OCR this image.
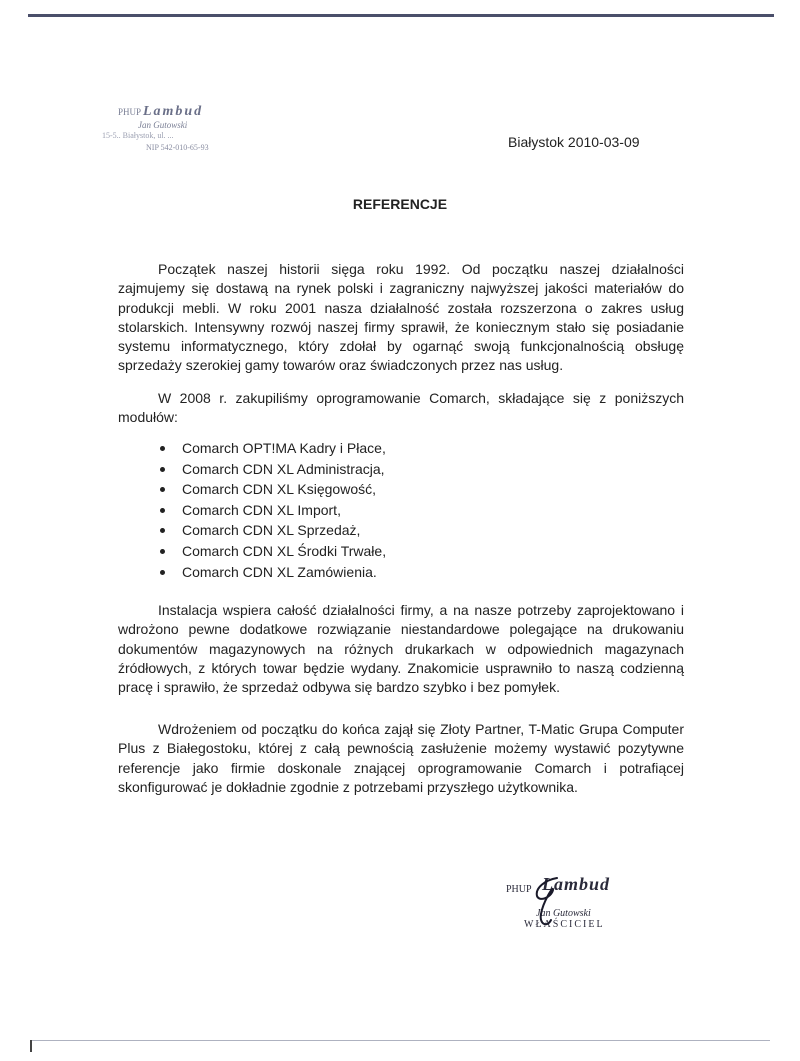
PHUP Lambud
Jan Gutowski
15-5.. Białystok, ul. ...
NIP 542-010-65-93	Białystok 2010-03-09
REFERENCJE
Początek naszej historii sięga roku 1992. Od początku naszej działalności zajmujemy się dostawą na rynek polski i zagraniczny najwyższej jakości materiałów do produkcji mebli. W roku 2001 nasza działalność została rozszerzona o zakres usług stolarskich. Intensywny rozwój naszej firmy sprawił, że koniecznym stało się posiadanie systemu informatycznego, który zdołał by ogarnąć swoją funkcjonalnością obsługę sprzedaży szerokiej gamy towarów oraz świadczonych przez nas usług.
W 2008 r. zakupiliśmy oprogramowanie Comarch, składające się z poniższych modułów:
Comarch OPT!MA Kadry i Płace,
Comarch CDN XL Administracja,
Comarch CDN XL Księgowość,
Comarch CDN XL Import,
Comarch CDN XL Sprzedaż,
Comarch CDN XL Środki Trwałe,
Comarch CDN XL Zamówienia.
Instalacja wspiera całość działalności firmy, a na nasze potrzeby zaprojektowano i wdrożono pewne dodatkowe rozwiązanie niestandardowe polegające na drukowaniu dokumentów magazynowych na różnych drukarkach w odpowiednich magazynach źródłowych, z których towar będzie wydany. Znakomicie usprawniło to naszą codzienną pracę i sprawiło, że sprzedaż odbywa się bardzo szybko i bez pomyłek.
Wdrożeniem od początku do końca zajął się Złoty Partner, T-Matic Grupa Computer Plus z Białegostoku, której z całą pewnością zasłużenie możemy wystawić pozytywne referencje jako firmie doskonale znającej oprogramowanie Comarch i potrafiącej skonfigurować je dokładnie zgodnie z potrzebami przyszłego użytkownika.
PHUP Lambud
Jan Gutowski
WŁAŚCICIEL
